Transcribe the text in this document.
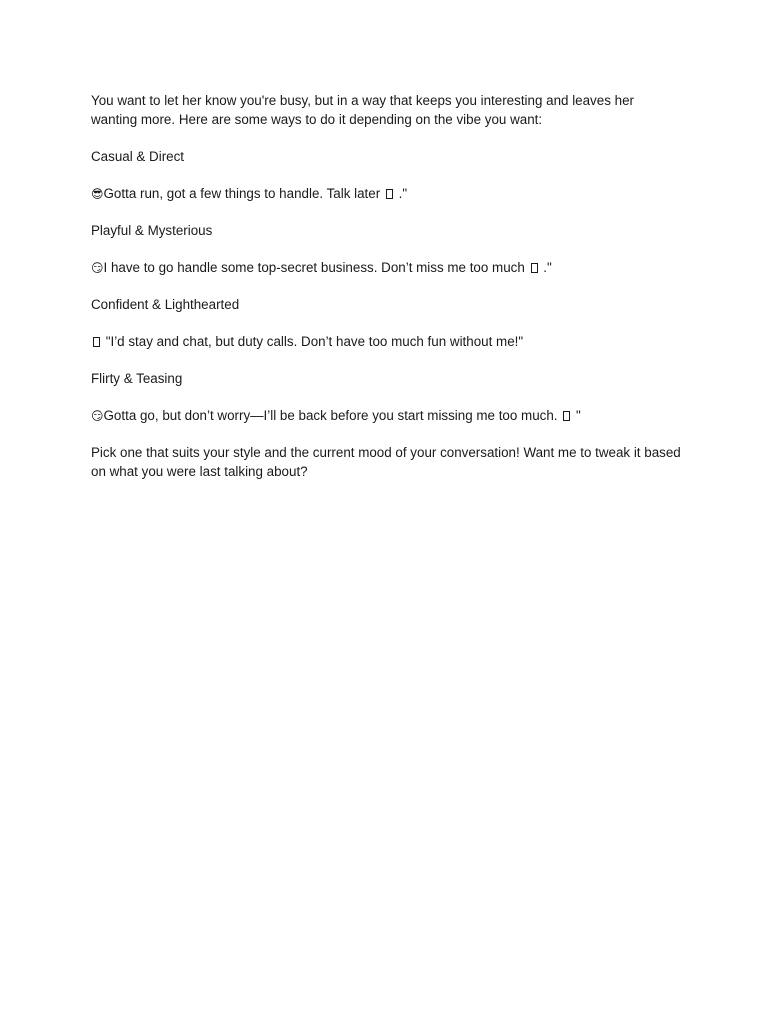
You want to let her know you're busy, but in a way that keeps you interesting and leaves her wanting more. Here are some ways to do it depending on the vibe you want:

Casual & Direct

😎Gotta run, got a few things to handle. Talk later  ."

Playful & Mysterious

😏I have to go handle some top-secret business. Don’t miss me too much  ."

Confident & Lighthearted

"I’d stay and chat, but duty calls. Don’t have too much fun without me!"

Flirty & Teasing

😏Gotta go, but don’t worry—I’ll be back before you start missing me too much.  "

Pick one that suits your style and the current mood of your conversation! Want me to tweak it based on what you were last talking about?
